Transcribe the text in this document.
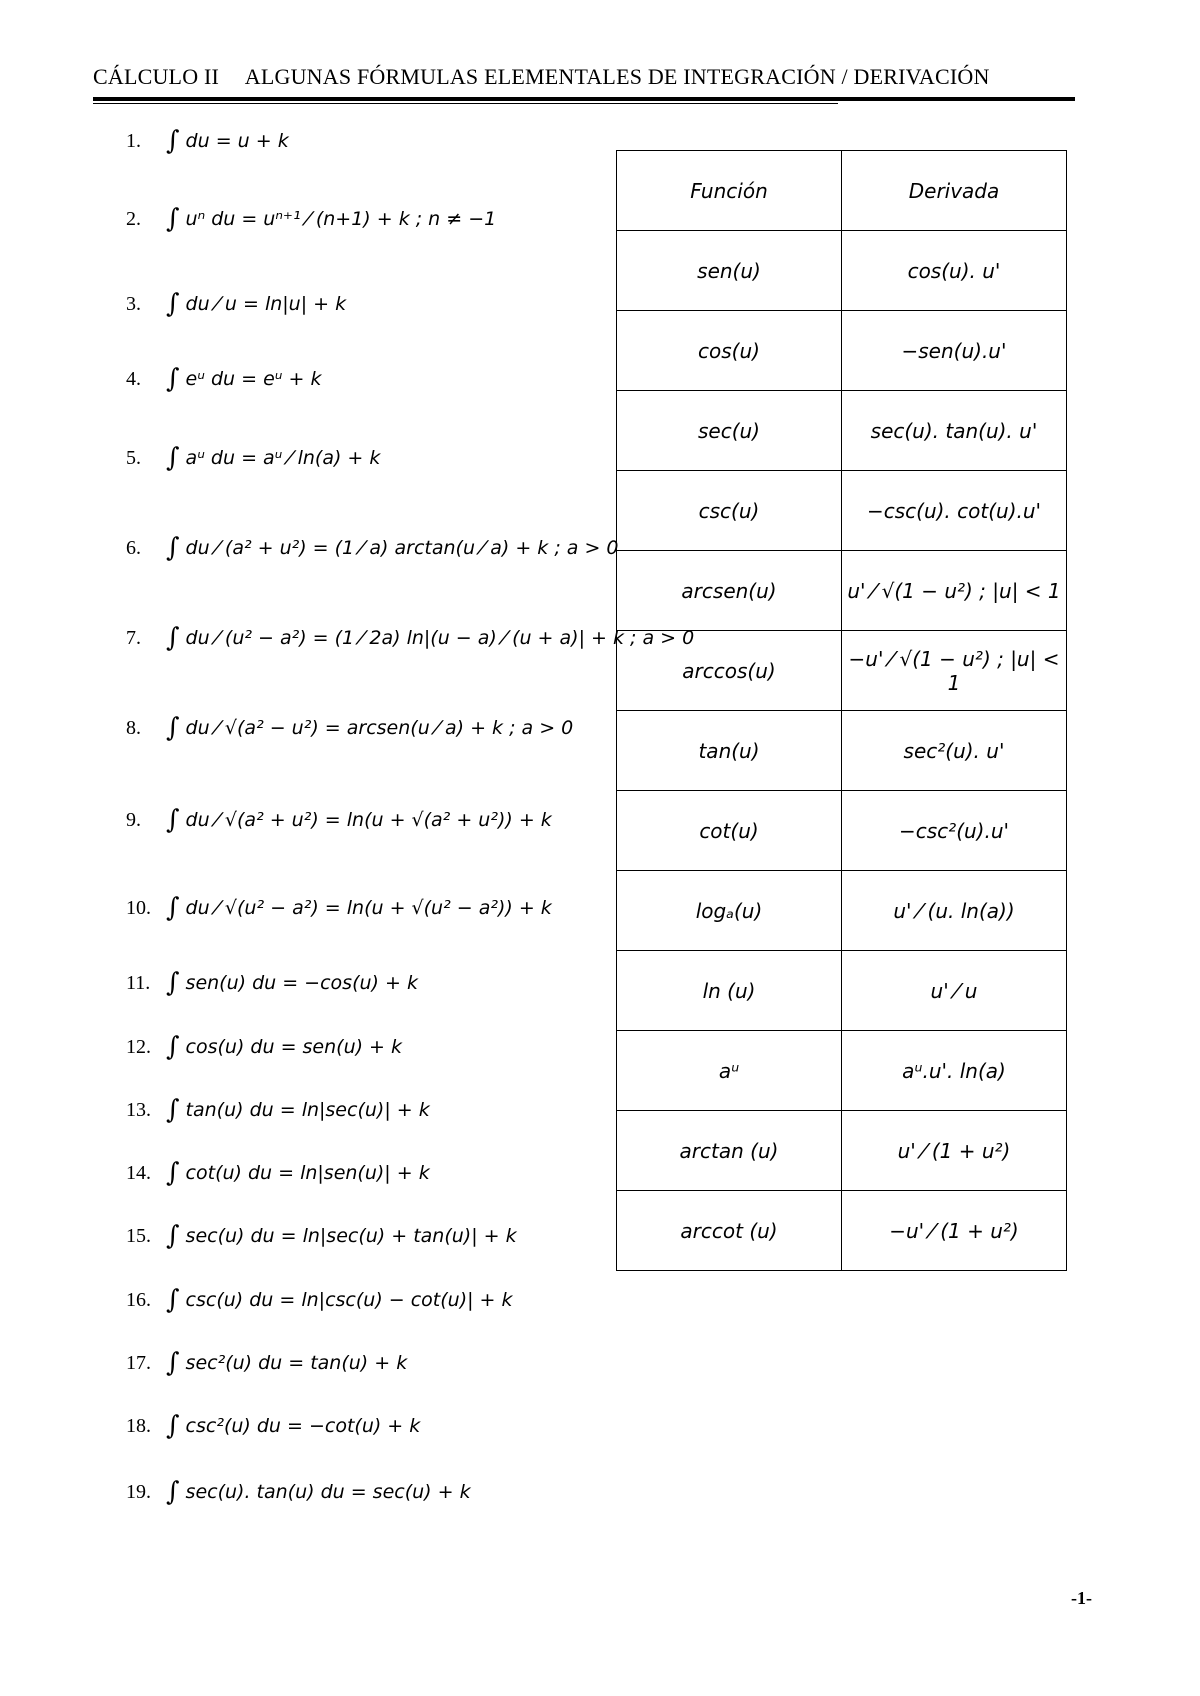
CÁLCULO II ALGUNAS FÓRMULAS ELEMENTALES DE INTEGRACIÓN / DERIVACIÓN
1. ∫ du = u + k
2. ∫ uⁿ du = uⁿ⁺¹ ⁄ (n+1) + k ; n ≠ −1
3. ∫ du ⁄ u = ln|u| + k
4. ∫ eᵘ du = eᵘ + k
5. ∫ aᵘ du = aᵘ ⁄ ln(a) + k
6. ∫ du ⁄ (a² + u²) = (1 ⁄ a) arctan(u ⁄ a) + k ; a > 0
7. ∫ du ⁄ (u² − a²) = (1 ⁄ 2a) ln|(u − a) ⁄ (u + a)| + k ; a > 0
8. ∫ du ⁄ √(a² − u²) = arcsen(u ⁄ a) + k ; a > 0
9. ∫ du ⁄ √(a² + u²) = ln(u + √(a² + u²)) + k
10. ∫ du ⁄ √(u² − a²) = ln(u + √(u² − a²)) + k
11. ∫ sen(u) du = −cos(u) + k
12. ∫ cos(u) du = sen(u) + k
13. ∫ tan(u) du = ln|sec(u)| + k
14. ∫ cot(u) du = ln|sen(u)| + k
15. ∫ sec(u) du = ln|sec(u) + tan(u)| + k
16. ∫ csc(u) du = ln|csc(u) − cot(u)| + k
17. ∫ sec²(u) du = tan(u) + k
18. ∫ csc²(u) du = −cot(u) + k
19. ∫ sec(u). tan(u) du = sec(u) + k
Función	Derivada
sen(u)	cos(u). u'
cos(u)	−sen(u).u'
sec(u)	sec(u). tan(u). u'
csc(u)	−csc(u). cot(u).u'
arcsen(u)	u' ⁄ √(1 − u²) ; |u| < 1
arccos(u)	−u' ⁄ √(1 − u²) ; |u| < 1
tan(u)	sec²(u). u'
cot(u)	−csc²(u).u'
logₐ(u)	u' ⁄ (u. ln(a))
ln (u)	u' ⁄ u
aᵘ	aᵘ.u'. ln(a)
arctan (u)	u' ⁄ (1 + u²)
arccot (u)	−u' ⁄ (1 + u²)
-1-
